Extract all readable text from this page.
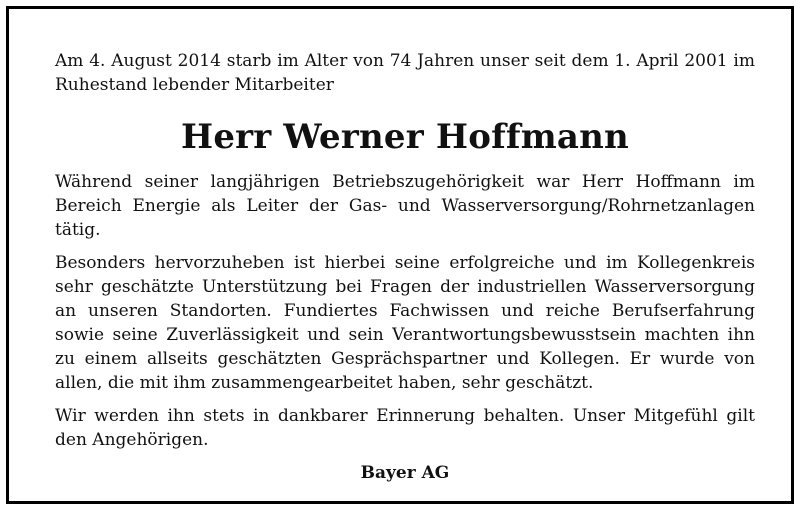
Am 4. August 2014 starb im Alter von 74 Jahren unser seit dem 1. April 2001 im Ruhestand lebender Mitarbeiter

Herr Werner Hoffmann

Während seiner langjährigen Betriebszugehörigkeit war Herr Hoffmann im Bereich Energie als Leiter der Gas- und Wasserversorgung/Rohrnetzanlagen tätig.

Besonders hervorzuheben ist hierbei seine erfolgreiche und im Kollegenkreis sehr geschätzte Unterstützung bei Fragen der industriellen Wasserversorgung an unseren Standorten. Fundiertes Fachwissen und reiche Berufserfahrung sowie seine Zuverlässigkeit und sein Verantwortungsbewusstsein machten ihn zu einem allseits geschätzten Gesprächspartner und Kollegen. Er wurde von allen, die mit ihm zusammengearbeitet haben, sehr geschätzt.

Wir werden ihn stets in dankbarer Erinnerung behalten. Unser Mitgefühl gilt den Angehörigen.

Bayer AG
